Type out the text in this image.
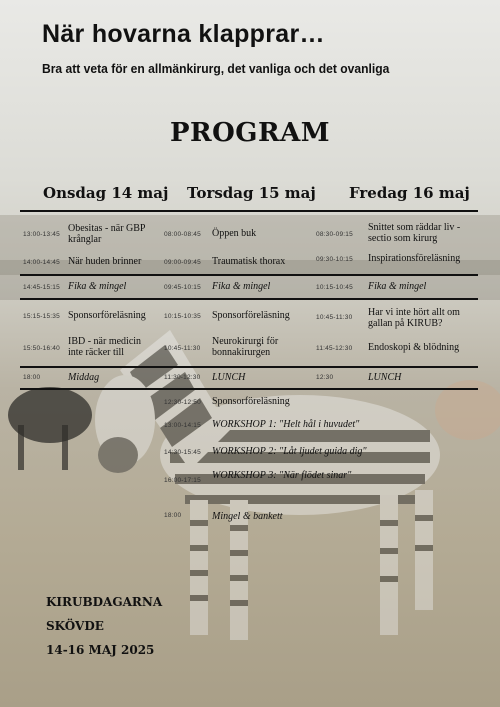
När hovarna klapprar…
Bra att veta för en allmänkirurg, det vanliga och det ovanliga
PROGRAM
Onsdag 14 maj Torsdag 15 maj Fredag 16 maj
13:00-13:45
Obesitas - när GBP krånglar
14:00-14:45 När huden brinner
14:45-15:15 Fika & mingel
15:15-15:35 Sponsorföreläsning
15:50-16:40
IBD - när medicin inte räcker till
18:00	Middag
08:00-08:45 Öppen buk
09:00-09:45 Traumatisk thorax
09:45-10:15 Fika & mingel
10:15-10:35 Sponsorföreläsning
10:45-11:30
Neurokirurgi för bonnakirurgen
11:30-12:30 LUNCH
12:30-12:50 Sponsorföreläsning
13:00-14:15 WORKSHOP 1: "Helt hål i huvudet"
14:30-15:45 WORKSHOP 2: "Låt ljudet guida dig"
16:00-17:15 WORKSHOP 3: "När flödet sinar"
18:00	Mingel & bankett
08:30-09:15
Snittet som räddar liv - sectio som kirurg
09:30-10:15 Inspirationsföreläsning
10:15-10:45 Fika & mingel
10:45-11:30 Har vi inte hört allt om gallan på KIRUB?
11:45-12:30 Endoskopi & blödning
12:30	LUNCH
KIRUBDAGARNA
SKÖVDE
14-16 MAJ 2025
